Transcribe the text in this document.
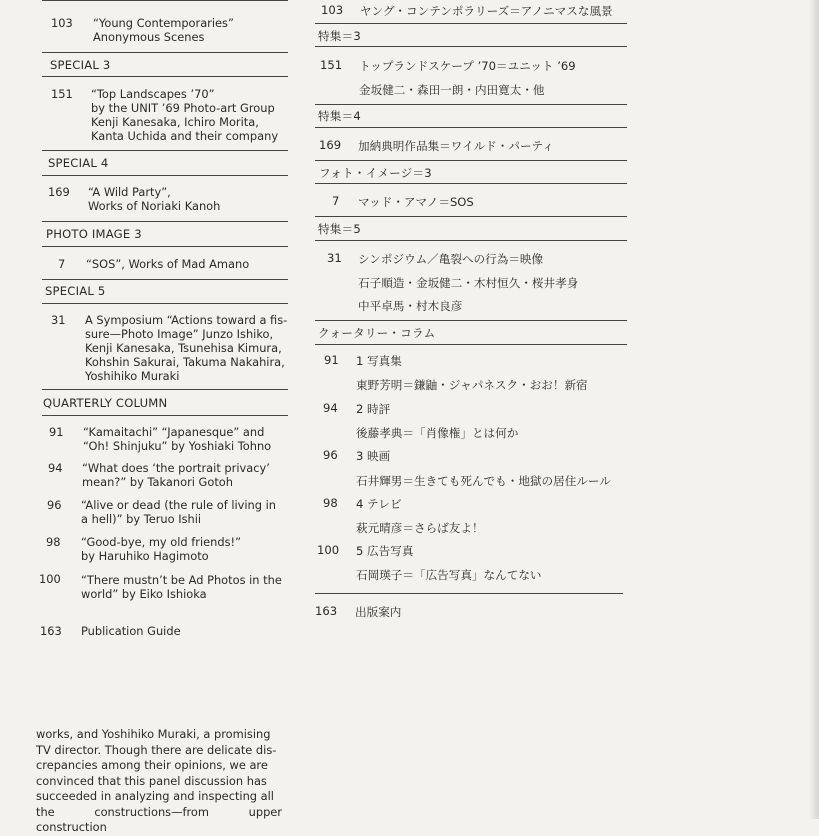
103 “Young Contemporaries”
Anonymous Scenes
SPECIAL 3
151 “Top Landscapes ’70”
by the UNIT ’69 Photo-art Group
Kenji Kanesaka, Ichiro Morita,
Kanta Uchida and their company
SPECIAL 4
169 “A Wild Party”,
Works of Noriaki Kanoh
PHOTO IMAGE 3
7 “SOS”, Works of Mad Amano
SPECIAL 5
31 A Symposium “Actions toward a fis-
sure—Photo Image” Junzo Ishiko,
Kenji Kanesaka, Tsunehisa Kimura,
Kohshin Sakurai, Takuma Nakahira,
Yoshihiko Muraki
QUARTERLY COLUMN
91 “Kamaitachi” “Japanesque” and
“Oh! Shinjuku” by Yoshiaki Tohno
94 “What does ‘the portrait privacy’
mean?” by Takanori Gotoh
96 “Alive or dead (the rule of living in
a hell)” by Teruo Ishii
98 “Good-bye, my old friends!”
by Haruhiko Hagimoto
100 “There mustn’t be Ad Photos in the
world” by Eiko Ishioka
163 Publication Guide
103 ヤング・コンテンポラリーズ＝アノニマスな風景
特集＝3
151 トップランドスケープ ’70＝ユニット ’69
金坂健二・森田一朗・内田寛太・他
特集＝4
169 加納典明作品集＝ワイルド・パーティ
フォト・イメージ＝3
7 マッド・アマノ＝SOS
特集＝5
31 シンポジウム／亀裂への行為＝映像
石子順造・金坂健二・木村恒久・桜井孝身
中平卓馬・村木良彦
クォータリー・コラム
91 1 写真集
東野芳明＝鎌鼬・ジャパネスク・おお！新宿
94 2 時評
後藤孝典＝「肖像権」とは何か
96 3 映画
石井輝男＝生きても死んでも・地獄の居住ルール
98 4 テレビ
萩元晴彦＝さらば友よ！
100 5 広告写真
石岡瑛子＝「広告写真」なんてない
163 出版案内
works, and Yoshihiko Muraki, a promising
TV director. Though there are delicate dis-
crepancies among their opinions, we are
convinced that this panel discussion has
succeeded in analyzing and inspecting all
the constructions—from upper construction
